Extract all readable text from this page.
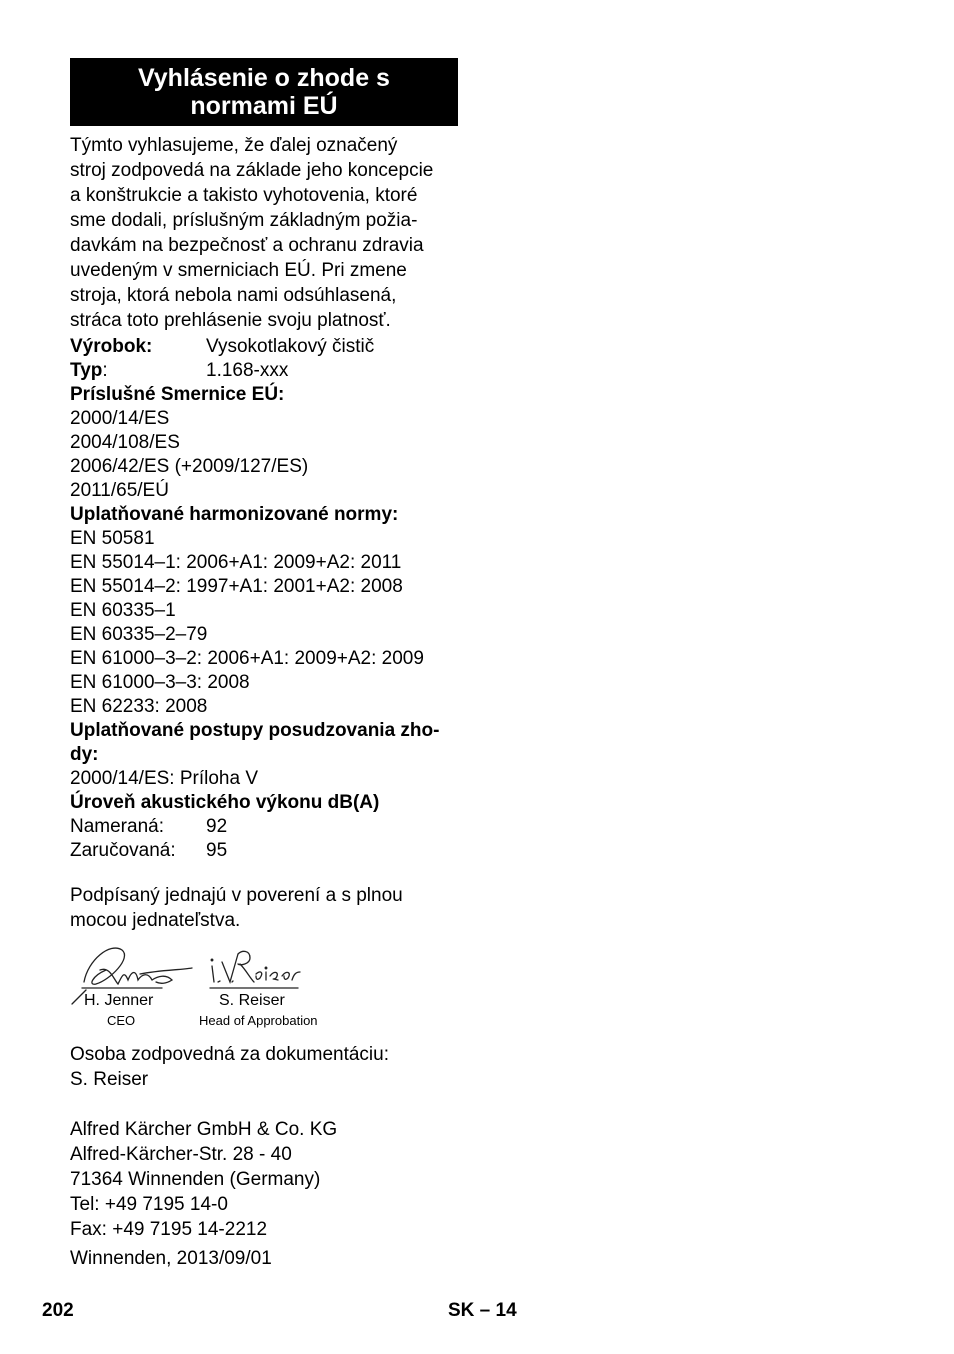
Vyhlásenie o zhode s
normami EÚ
Týmto vyhlasujeme, že ďalej označený
stroj zodpovedá na základe jeho koncepcie
a konštrukcie a takisto vyhotovenia, ktoré
sme dodali, príslušným základným požia-
davkám na bezpečnosť a ochranu zdravia
uvedeným v smerniciach EÚ. Pri zmene
stroja, ktorá nebola nami odsúhlasená,
stráca toto prehlásenie svoju platnosť.
Výrobok:	Vysokotlakový čistič
Typ:	1.168-xxx
Príslušné Smernice EÚ:
2000/14/ES
2004/108/ES
2006/42/ES (+2009/127/ES)
2011/65/EÚ
Uplatňované harmonizované normy:
EN 50581
EN 55014–1: 2006+A1: 2009+A2: 2011
EN 55014–2: 1997+A1: 2001+A2: 2008
EN 60335–1
EN 60335–2–79
EN 61000–3–2: 2006+A1: 2009+A2: 2009
EN 61000–3–3: 2008
EN 62233: 2008
Uplatňované postupy posudzovania zho-
dy:
2000/14/ES: Príloha V
Úroveň akustického výkonu dB(A)
Nameraná: 92
Zaručovaná: 95
Podpísaný jednajú v poverení a s plnou
mocou jednateľstva.
H. Jenner
CEO
S. Reiser
Head of Approbation
Osoba zodpovedná za dokumentáciu:
S. Reiser
Alfred Kärcher GmbH & Co. KG
Alfred-Kärcher-Str. 28 - 40
71364 Winnenden (Germany)
Tel: +49 7195 14-0
Fax: +49 7195 14-2212
Winnenden, 2013/09/01
202	SK – 14
